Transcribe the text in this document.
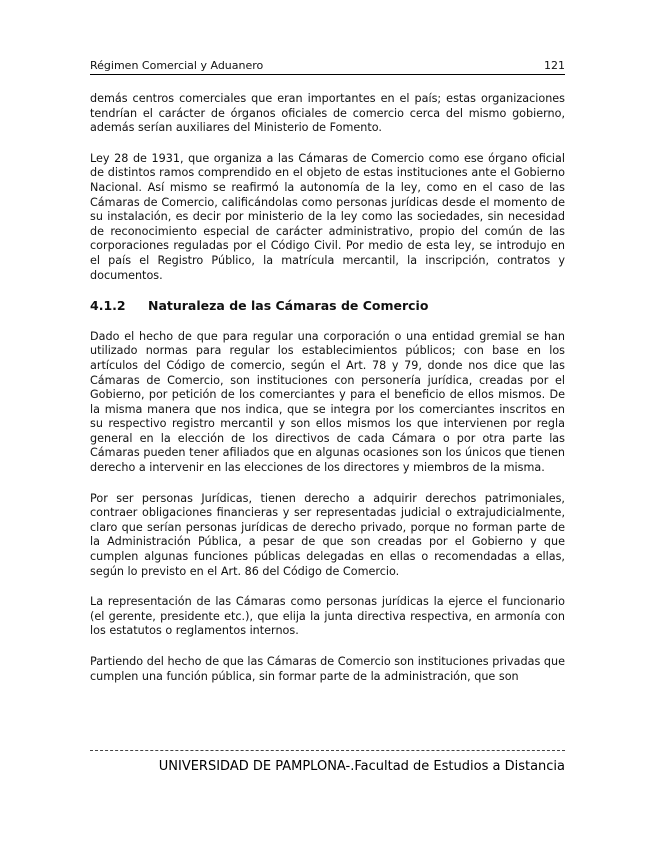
Régimen Comercial y Aduanero	121

demás centros comerciales que eran importantes en el país; estas organizaciones tendrían el carácter de órganos oficiales de comercio cerca del mismo gobierno, además serían auxiliares del Ministerio de Fomento.

Ley 28 de 1931, que organiza a las Cámaras de Comercio como ese órgano oficial de distintos ramos comprendido en el objeto de estas instituciones ante el Gobierno Nacional. Así mismo se reafirmó la autonomía de la ley, como en el caso de las Cámaras de Comercio, calificándolas como personas jurídicas desde el momento de su instalación, es decir por ministerio de la ley como las sociedades, sin necesidad de reconocimiento especial de carácter administrativo, propio del común de las corporaciones reguladas por el Código Civil. Por medio de esta ley, se introdujo en el país el Registro Público, la matrícula mercantil, la inscripción, contratos y documentos.

4.1.2 Naturaleza de las Cámaras de Comercio

Dado el hecho de que para regular una corporación o una entidad gremial se han utilizado normas para regular los establecimientos públicos; con base en los artículos del Código de comercio, según el Art. 78 y 79, donde nos dice que las Cámaras de Comercio, son instituciones con personería jurídica, creadas por el Gobierno, por petición de los comerciantes y para el beneficio de ellos mismos. De la misma manera que nos indica, que se integra por los comerciantes inscritos en su respectivo registro mercantil y son ellos mismos los que intervienen por regla general en la elección de los directivos de cada Cámara o por otra parte las Cámaras pueden tener afiliados que en algunas ocasiones son los únicos que tienen derecho a intervenir en las elecciones de los directores y miembros de la misma.

Por ser personas Jurídicas, tienen derecho a adquirir derechos patrimoniales, contraer obligaciones financieras y ser representadas judicial o extrajudicialmente, claro que serían personas jurídicas de derecho privado, porque no forman parte de la Administración Pública, a pesar de que son creadas por el Gobierno y que cumplen algunas funciones públicas delegadas en ellas o recomendadas a ellas, según lo previsto en el Art. 86 del Código de Comercio.

La representación de las Cámaras como personas jurídicas la ejerce el funcionario (el gerente, presidente etc.), que elija la junta directiva respectiva, en armonía con los estatutos o reglamentos internos.

Partiendo del hecho de que las Cámaras de Comercio son instituciones privadas que cumplen una función pública, sin formar parte de la administración, que son

UNIVERSIDAD DE PAMPLONA-.Facultad de Estudios a Distancia
